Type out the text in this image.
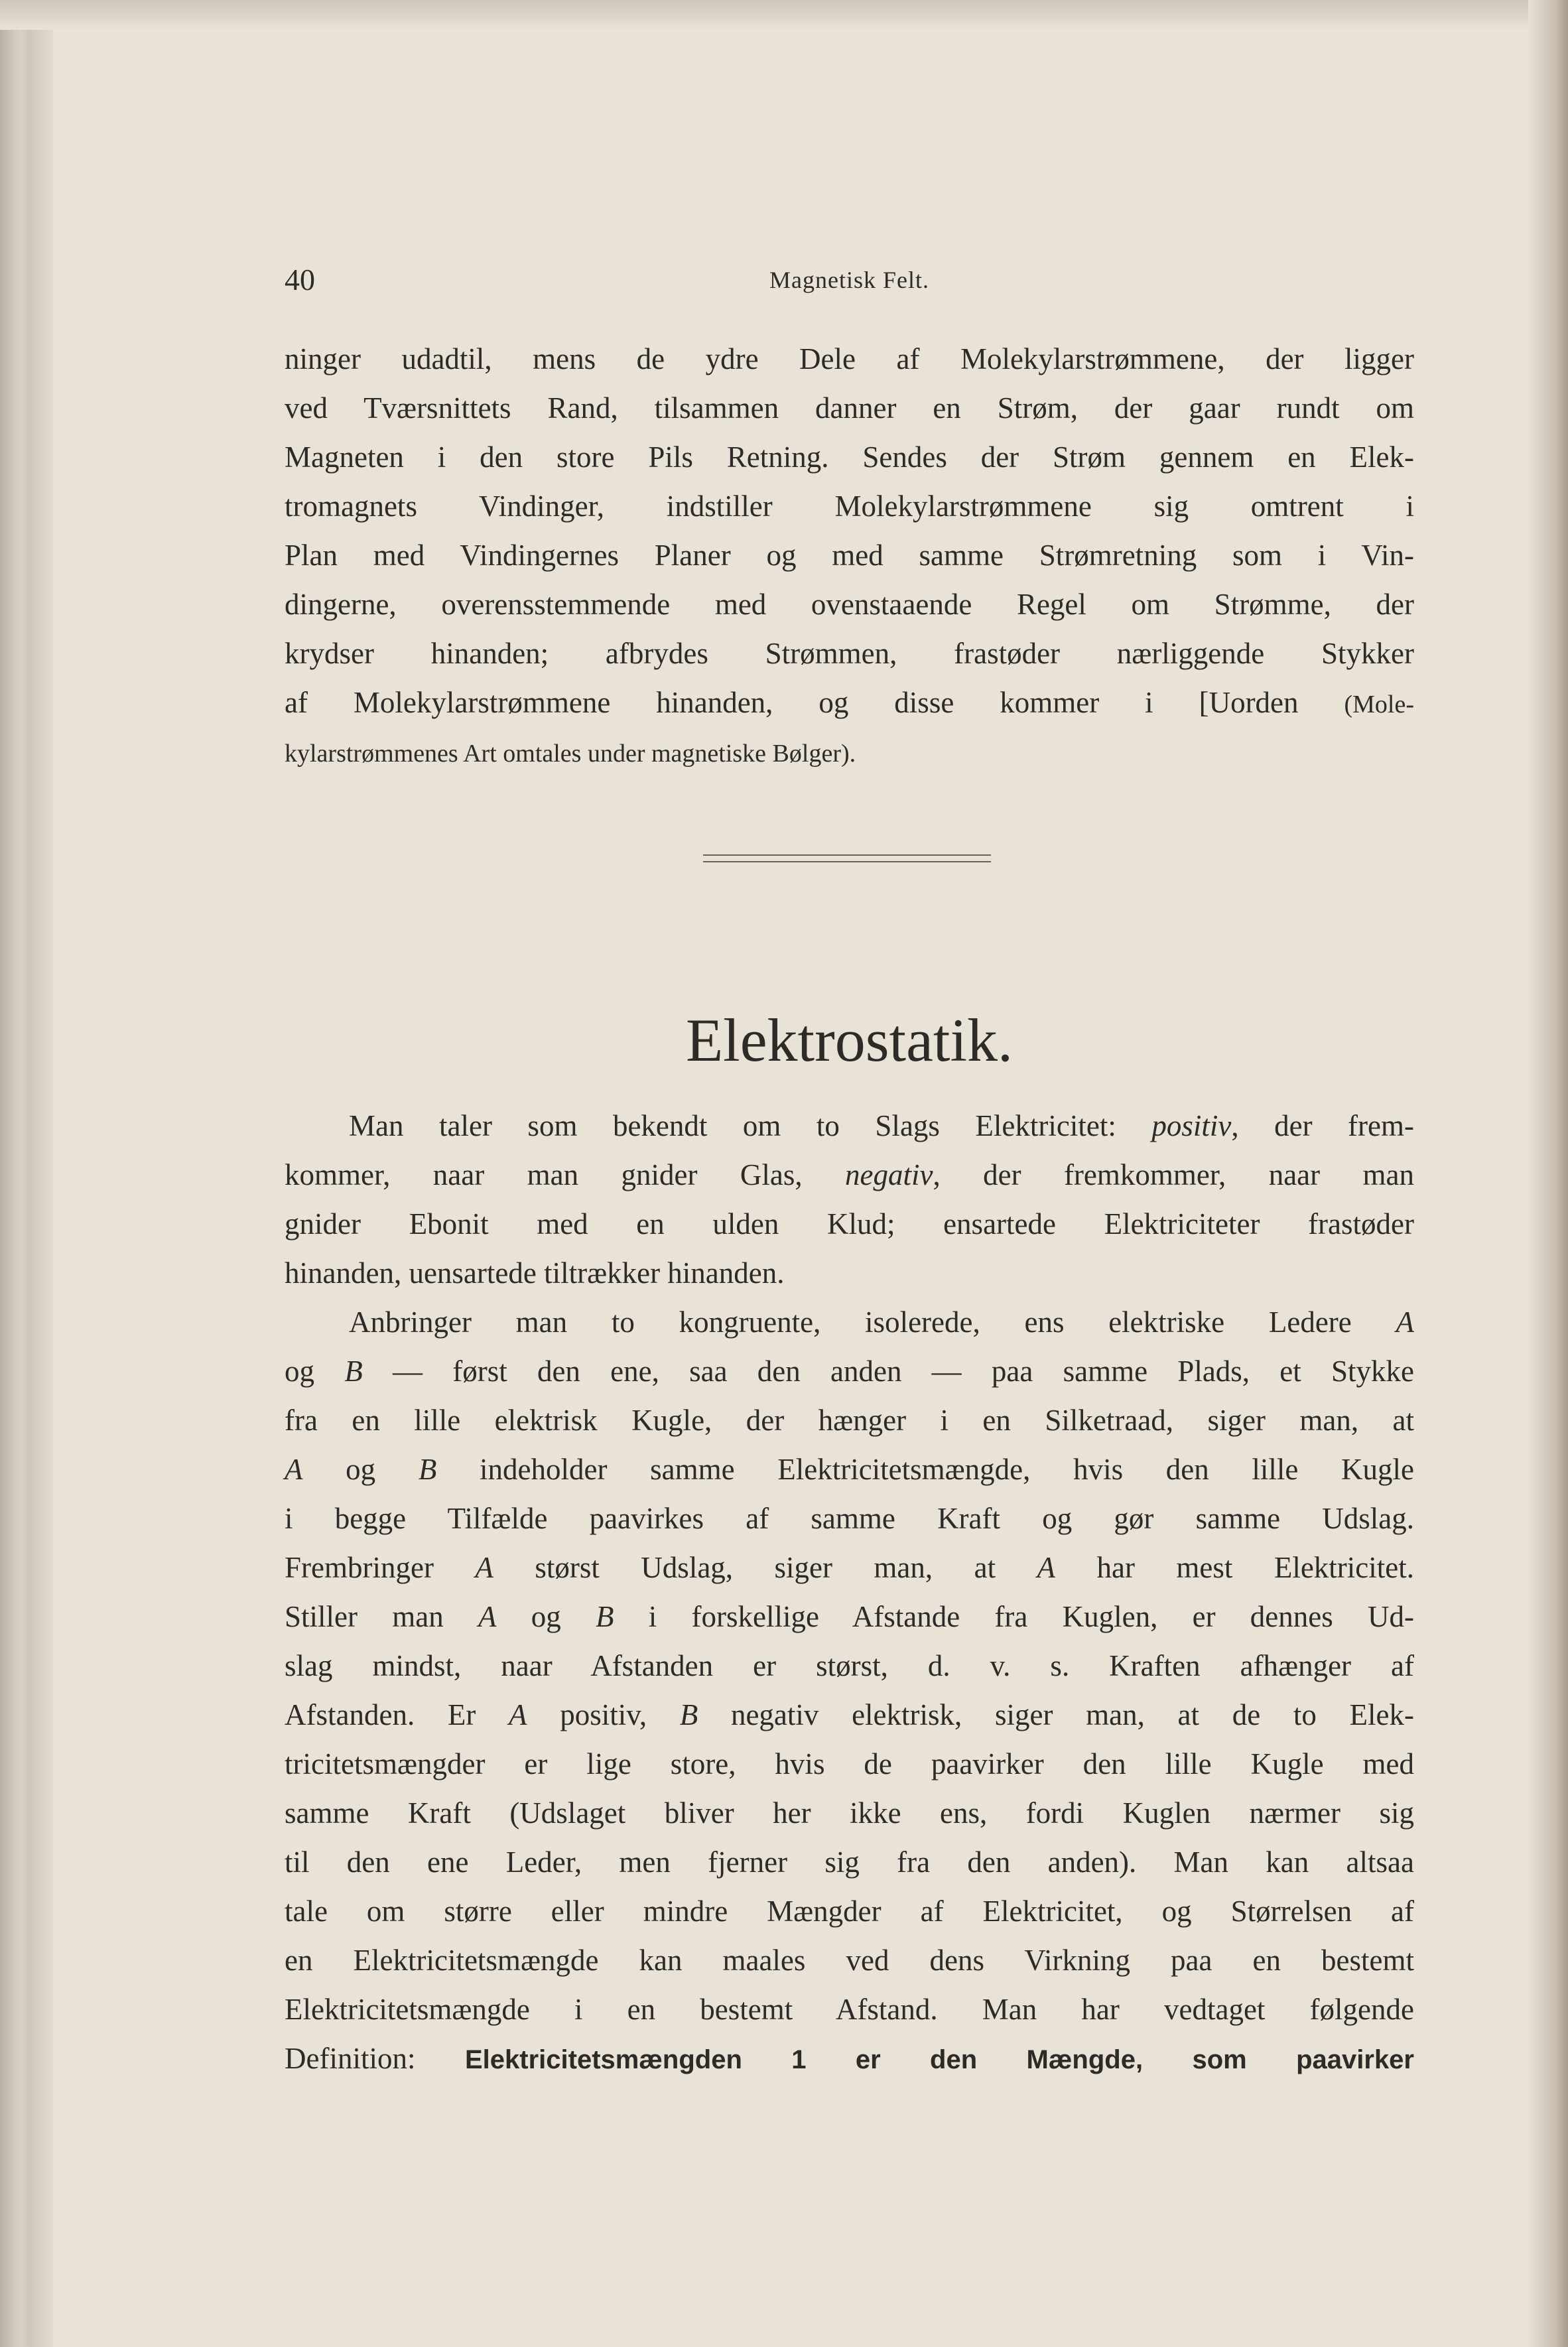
40	Magnetisk Felt.
ninger udadtil, mens de ydre Dele af Molekylarstrømmene, der ligger
ved Tværsnittets Rand, tilsammen danner en Strøm, der gaar rundt om
Magneten i den store Pils Retning. Sendes der Strøm gennem en Elek-
tromagnets Vindinger, indstiller Molekylarstrømmene sig omtrent i
Plan med Vindingernes Planer og med samme Strømretning som i Vin-
dingerne, overensstemmende med ovenstaaende Regel om Strømme, der
krydser hinanden; afbrydes Strømmen, frastøder nærliggende Stykker
af Molekylarstrømmene hinanden, og disse kommer i [Uorden (Mole-
kylarstrømmenes Art omtales under magnetiske Bølger).
Elektrostatik.
Man taler som bekendt om to Slags Elektricitet: positiv, der frem-
kommer, naar man gnider Glas, negativ, der fremkommer, naar man
gnider Ebonit med en ulden Klud; ensartede Elektriciteter frastøder
hinanden, uensartede tiltrækker hinanden.
Anbringer man to kongruente, isolerede, ens elektriske Ledere A
og B — først den ene, saa den anden — paa samme Plads, et Stykke
fra en lille elektrisk Kugle, der hænger i en Silketraad, siger man, at
A og B indeholder samme Elektricitetsmængde, hvis den lille Kugle
i begge Tilfælde paavirkes af samme Kraft og gør samme Udslag.
Frembringer A størst Udslag, siger man, at A har mest Elektricitet.
Stiller man A og B i forskellige Afstande fra Kuglen, er dennes Ud-
slag mindst, naar Afstanden er størst, d. v. s. Kraften afhænger af
Afstanden. Er A positiv, B negativ elektrisk, siger man, at de to Elek-
tricitetsmængder er lige store, hvis de paavirker den lille Kugle med
samme Kraft (Udslaget bliver her ikke ens, fordi Kuglen nærmer sig
til den ene Leder, men fjerner sig fra den anden). Man kan altsaa
tale om større eller mindre Mængder af Elektricitet, og Størrelsen af
en Elektricitetsmængde kan maales ved dens Virkning paa en bestemt
Elektricitetsmængde i en bestemt Afstand. Man har vedtaget følgende
Definition: Elektricitetsmængden 1 er den Mængde, som paavirker
